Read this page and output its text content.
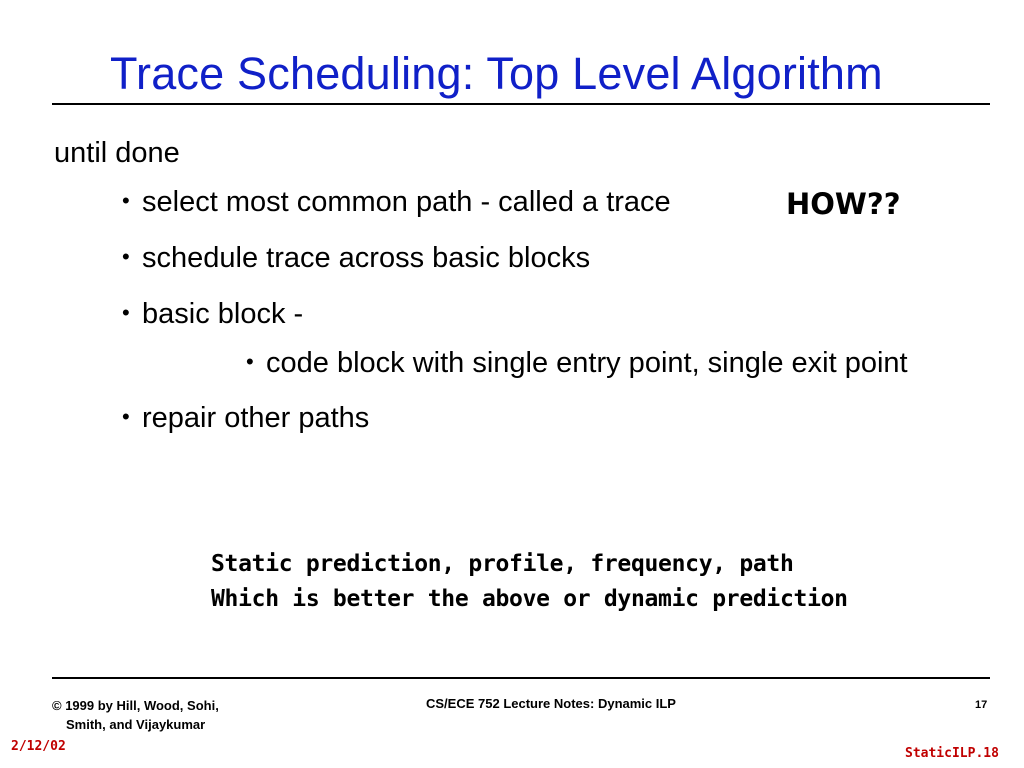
Trace Scheduling: Top Level Algorithm
until done
• select most common path - called a trace
• schedule trace across basic blocks
• basic block -
• code block with single entry point, single exit point
• repair other paths
HOW??
Static prediction, profile, frequency, path
Which is better the above or dynamic prediction
© 1999 by Hill, Wood, Sohi,
Smith, and Vijaykumar
CS/ECE 752 Lecture Notes: Dynamic ILP	17
2/12/02	StaticILP.18
